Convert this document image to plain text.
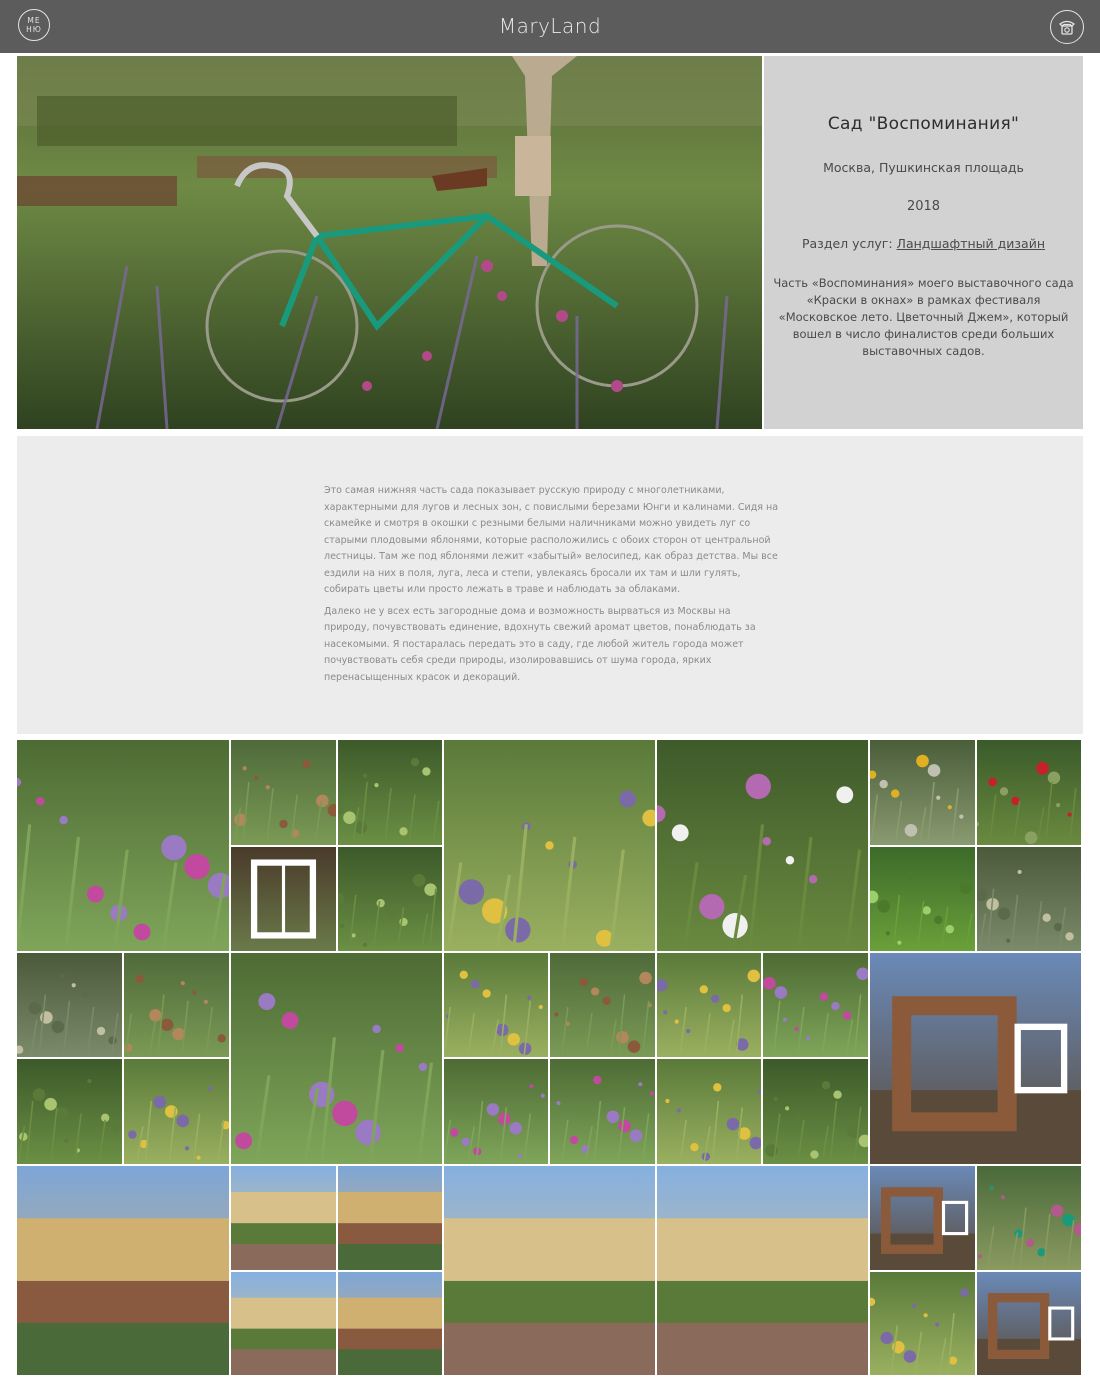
МЕ НЮ	MaryLand
Сад "Воспоминания"
Москва, Пушкинская площадь
2018
Раздел услуг: Ландшафтный дизайн
Часть «Воспоминания» моего выставочного сада «Краски в окнах» в рамках фестиваля «Московское лето. Цветочный Джем», который вошел в число финалистов среди больших выставочных садов.

Это самая нижняя часть сада показывает русскую природу с многолетниками, характерными для лугов и лесных зон, с повислыми березами Юнги и калинами. Сидя на скамейке и смотря в окошки с резными белыми наличниками можно увидеть луг со старыми плодовыми яблонями, которые расположились с обоих сторон от центральной лестницы. Там же под яблонями лежит «забытый» велосипед, как образ детства. Мы все ездили на них в поля, луга, леса и степи, увлекаясь бросали их там и шли гулять, собирать цветы или просто лежать в траве и наблюдать за облаками.

Далеко не у всех есть загородные дома и возможность вырваться из Москвы на природу, почувствовать единение, вдохнуть свежий аромат цветов, понаблюдать за насекомыми. Я постаралась передать это в саду, где любой житель города может почувствовать себя среди природы, изолировавшись от шума города, ярких перенасыщенных красок и декораций.
